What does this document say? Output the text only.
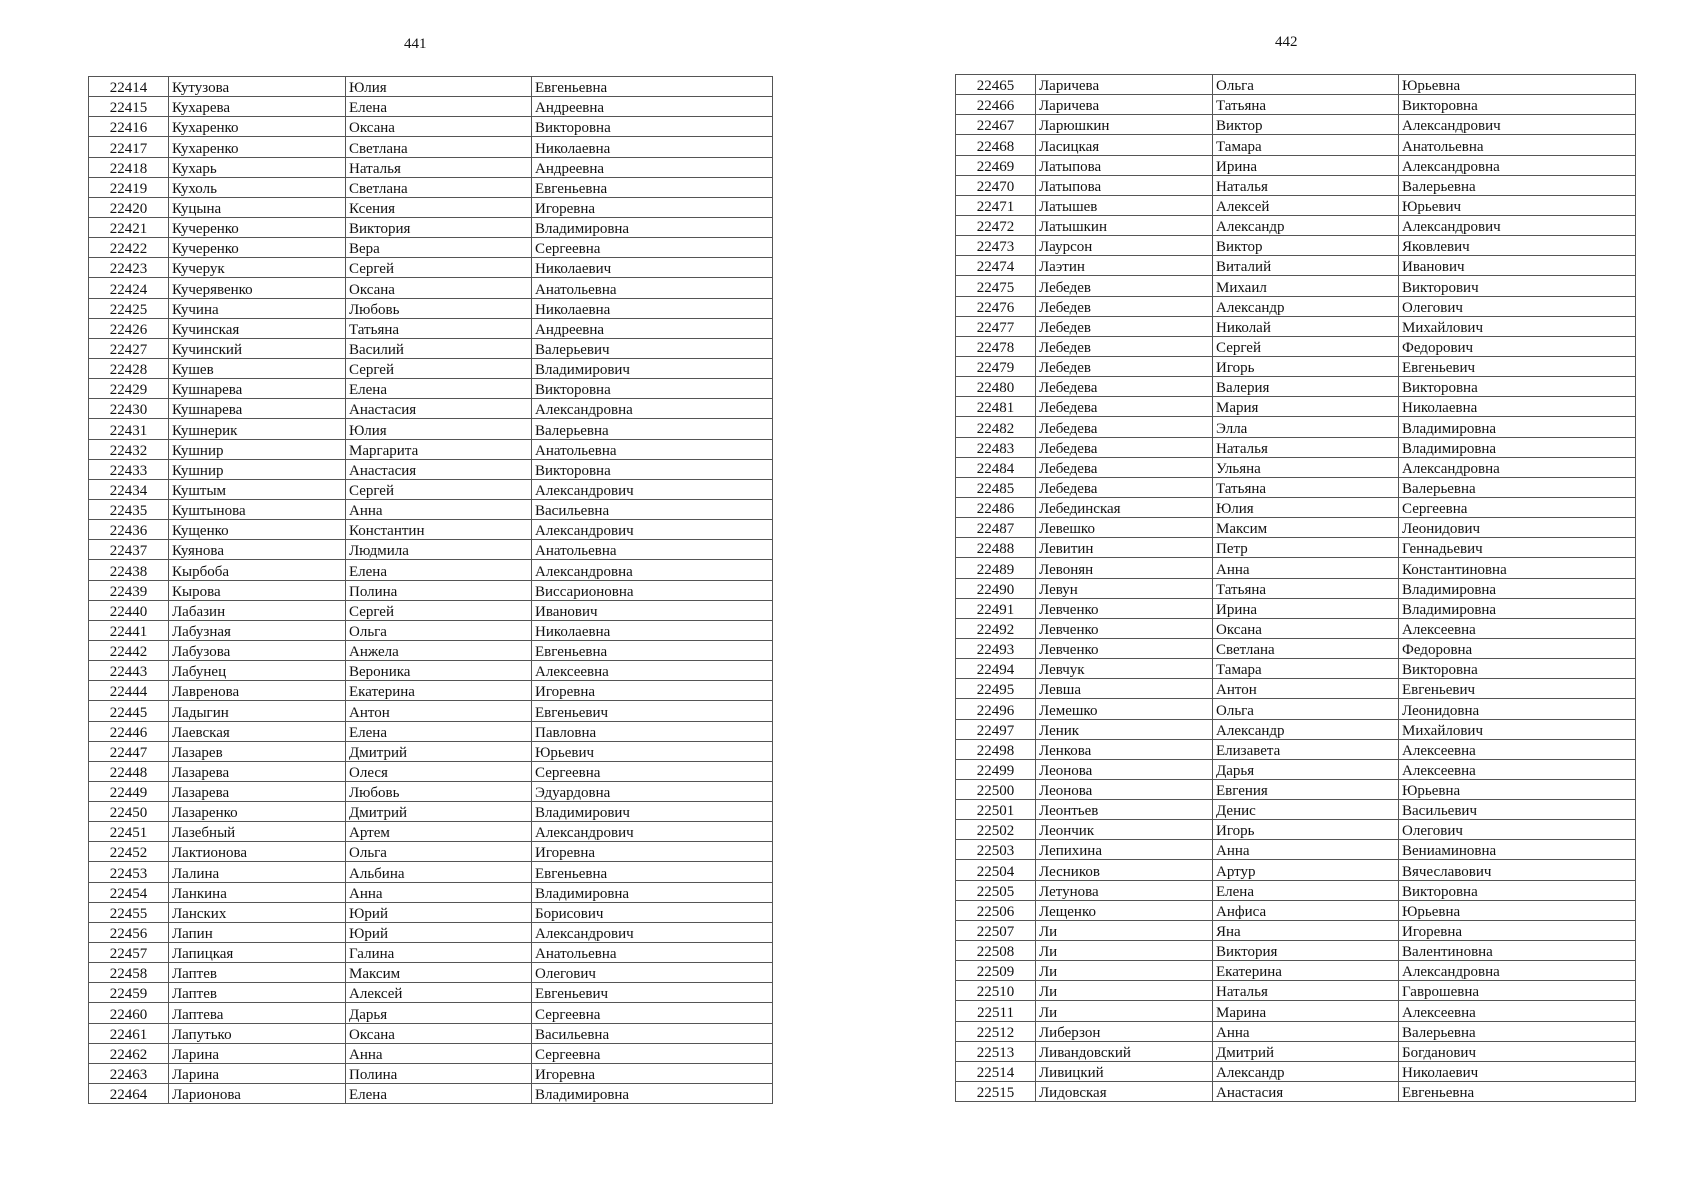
441	442
22414	Кутузова	Юлия	Евгеньевна
22415	Кухарева	Елена	Андреевна
22416	Кухаренко	Оксана	Викторовна
22417	Кухаренко	Светлана	Николаевна
22418	Кухарь	Наталья	Андреевна
22419	Кухоль	Светлана	Евгеньевна
22420	Куцына	Ксения	Игоревна
22421	Кучеренко	Виктория	Владимировна
22422	Кучеренко	Вера	Сергеевна
22423	Кучерук	Сергей	Николаевич
22424	Кучерявенко	Оксана	Анатольевна
22425	Кучина	Любовь	Николаевна
22426	Кучинская	Татьяна	Андреевна
22427	Кучинский	Василий	Валерьевич
22428	Кушев	Сергей	Владимирович
22429	Кушнарева	Елена	Викторовна
22430	Кушнарева	Анастасия	Александровна
22431	Кушнерик	Юлия	Валерьевна
22432	Кушнир	Маргарита	Анатольевна
22433	Кушнир	Анастасия	Викторовна
22434	Куштым	Сергей	Александрович
22435	Куштынова	Анна	Васильевна
22436	Кущенко	Константин	Александрович
22437	Куянова	Людмила	Анатольевна
22438	Кырбоба	Елена	Александровна
22439	Кырова	Полина	Виссарионовна
22440	Лабазин	Сергей	Иванович
22441	Лабузная	Ольга	Николаевна
22442	Лабузова	Анжела	Евгеньевна
22443	Лабунец	Вероника	Алексеевна
22444	Лавренова	Екатерина	Игоревна
22445	Ладыгин	Антон	Евгеньевич
22446	Лаевская	Елена	Павловна
22447	Лазарев	Дмитрий	Юрьевич
22448	Лазарева	Олеся	Сергеевна
22449	Лазарева	Любовь	Эдуардовна
22450	Лазаренко	Дмитрий	Владимирович
22451	Лазебный	Артем	Александрович
22452	Лактионова	Ольга	Игоревна
22453	Лалина	Альбина	Евгеньевна
22454	Ланкина	Анна	Владимировна
22455	Ланских	Юрий	Борисович
22456	Лапин	Юрий	Александрович
22457	Лапицкая	Галина	Анатольевна
22458	Лаптев	Максим	Олегович
22459	Лаптев	Алексей	Евгеньевич
22460	Лаптева	Дарья	Сергеевна
22461	Лапутько	Оксана	Васильевна
22462	Ларина	Анна	Сергеевна
22463	Ларина	Полина	Игоревна
22464	Ларионова	Елена	Владимировна
22465	Ларичева	Ольга	Юрьевна
22466	Ларичева	Татьяна	Викторовна
22467	Ларюшкин	Виктор	Александрович
22468	Ласицкая	Тамара	Анатольевна
22469	Латыпова	Ирина	Александровна
22470	Латыпова	Наталья	Валерьевна
22471	Латышев	Алексей	Юрьевич
22472	Латышкин	Александр	Александрович
22473	Лаурсон	Виктор	Яковлевич
22474	Лаэтин	Виталий	Иванович
22475	Лебедев	Михаил	Викторович
22476	Лебедев	Александр	Олегович
22477	Лебедев	Николай	Михайлович
22478	Лебедев	Сергей	Федорович
22479	Лебедев	Игорь	Евгеньевич
22480	Лебедева	Валерия	Викторовна
22481	Лебедева	Мария	Николаевна
22482	Лебедева	Элла	Владимировна
22483	Лебедева	Наталья	Владимировна
22484	Лебедева	Ульяна	Александровна
22485	Лебедева	Татьяна	Валерьевна
22486	Лебединская	Юлия	Сергеевна
22487	Левешко	Максим	Леонидович
22488	Левитин	Петр	Геннадьевич
22489	Левонян	Анна	Константиновна
22490	Левун	Татьяна	Владимировна
22491	Левченко	Ирина	Владимировна
22492	Левченко	Оксана	Алексеевна
22493	Левченко	Светлана	Федоровна
22494	Левчук	Тамара	Викторовна
22495	Левша	Антон	Евгеньевич
22496	Лемешко	Ольга	Леонидовна
22497	Леник	Александр	Михайлович
22498	Ленкова	Елизавета	Алексеевна
22499	Леонова	Дарья	Алексеевна
22500	Леонова	Евгения	Юрьевна
22501	Леонтьев	Денис	Васильевич
22502	Леончик	Игорь	Олегович
22503	Лепихина	Анна	Вениаминовна
22504	Лесников	Артур	Вячеславович
22505	Летунова	Елена	Викторовна
22506	Лещенко	Анфиса	Юрьевна
22507	Ли	Яна	Игоревна
22508	Ли	Виктория	Валентиновна
22509	Ли	Екатерина	Александровна
22510	Ли	Наталья	Гаврошевна
22511	Ли	Марина	Алексеевна
22512	Либерзон	Анна	Валерьевна
22513	Ливандовский	Дмитрий	Богданович
22514	Ливицкий	Александр	Николаевич
22515	Лидовская	Анастасия	Евгеньевна
